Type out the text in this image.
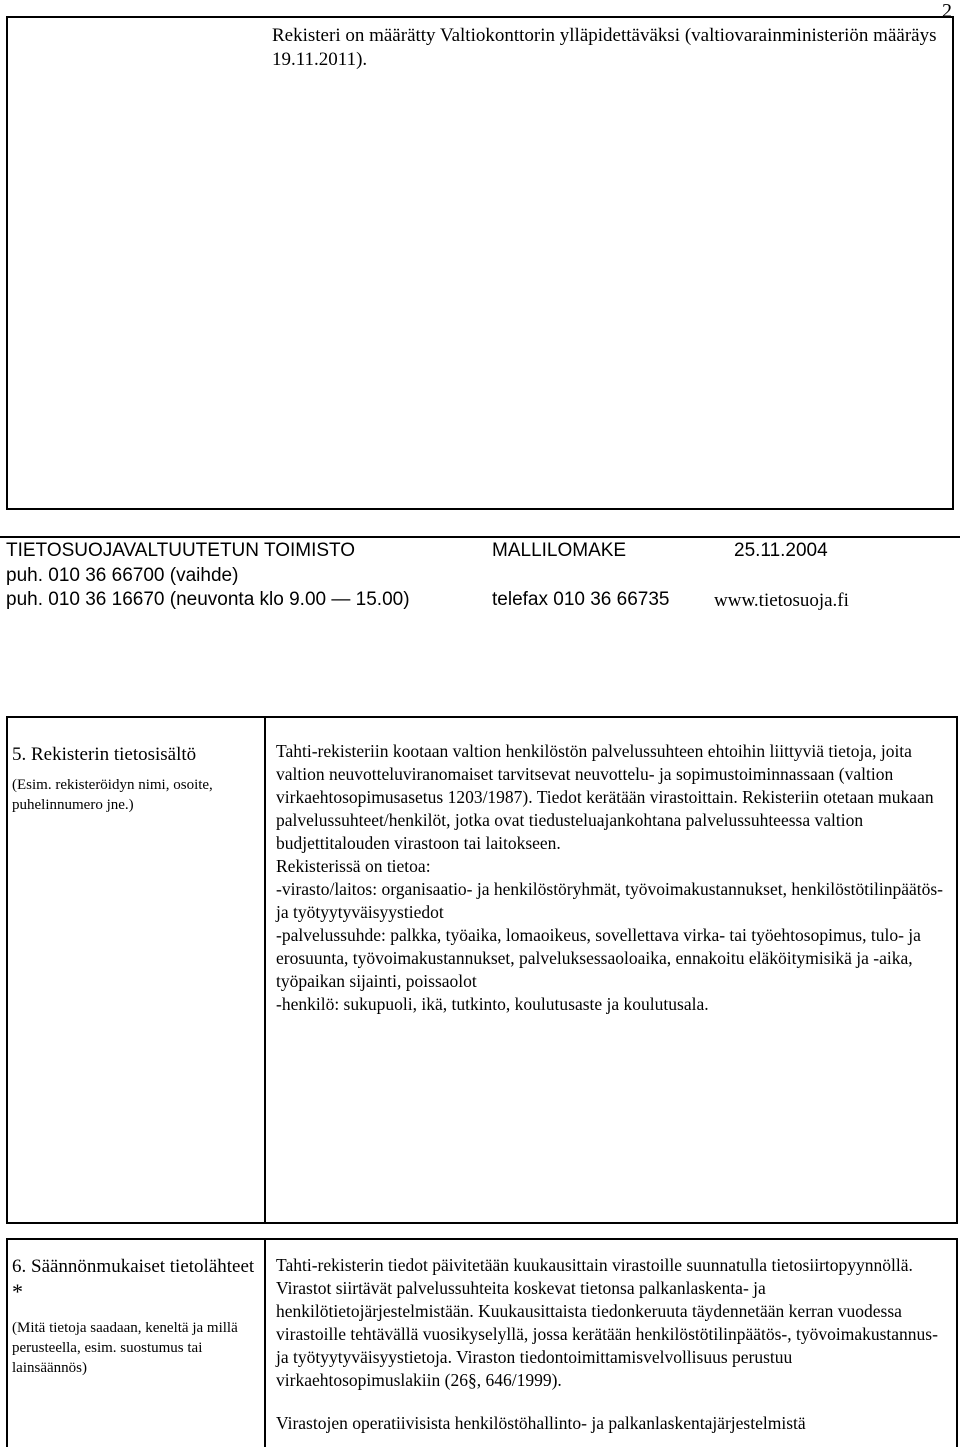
2
Rekisteri on määrätty Valtiokonttorin ylläpidettäväksi (valtiovarainministeriön määräys 19.11.2011).
TIETOSUOJAVALTUUTETUN TOIMISTO	MALLILOMAKE	25.11.2004
puh. 010 36 66700 (vaihde)
puh. 010 36 16670 (neuvonta klo 9.00 — 15.00)	telefax 010 36 66735 www.tietosuoja.fi
5. Rekisterin tietosisältö
(Esim. rekisteröidyn nimi, osoite, puhelinnumero jne.)

Tahti-rekisteriin kootaan valtion henkilöstön palvelussuhteen ehtoihin liittyviä tietoja, joita valtion neuvotteluviranomaiset tarvitsevat neuvottelu- ja sopimustoiminnassaan (valtion virkaehtosopimusasetus 1203/1987). Tiedot kerätään virastoittain. Rekisteriin otetaan mukaan palvelussuhteet/henkilöt, jotka ovat tiedusteluajankohtana palvelussuhteessa valtion budjettitalouden virastoon tai laitokseen.

Rekisterissä on tietoa:

-virasto/laitos: organisaatio- ja henkilöstöryhmät, työvoimakustannukset, henkilöstötilinpäätös- ja työtyytyväisyystiedot

-palvelussuhde: palkka, työaika, lomaoikeus, sovellettava virka- tai työehtosopimus, tulo- ja erosuunta, työvoimakustannukset, palveluksessaoloaika, ennakoitu eläköitymisikä ja -aika, työpaikan sijainti, poissaolot

-henkilö: sukupuoli, ikä, tutkinto, koulutusaste ja koulutusala.

6. Säännönmukaiset tietolähteet *
(Mitä tietoja saadaan, keneltä ja millä perusteella, esim. suostumus tai lainsäännös)

Tahti-rekisterin tiedot päivitetään kuukausittain virastoille suunnatulla tietosiirtopyynnöllä. Virastot siirtävät palvelussuhteita koskevat tietonsa palkanlaskenta- ja henkilötietojärjestelmistään. Kuukausittaista tiedonkeruuta täydennetään kerran vuodessa virastoille tehtävällä vuosikyselyllä, jossa kerätään henkilöstötilinpäätös-, työvoimakustannus- ja työtyytyväisyystietoja. Viraston tiedontoimittamisvelvollisuus perustuu virkaehtosopimuslakiin (26§, 646/1999).

Virastojen operatiivisista henkilöstöhallinto- ja palkanlaskentajärjestelmistä
